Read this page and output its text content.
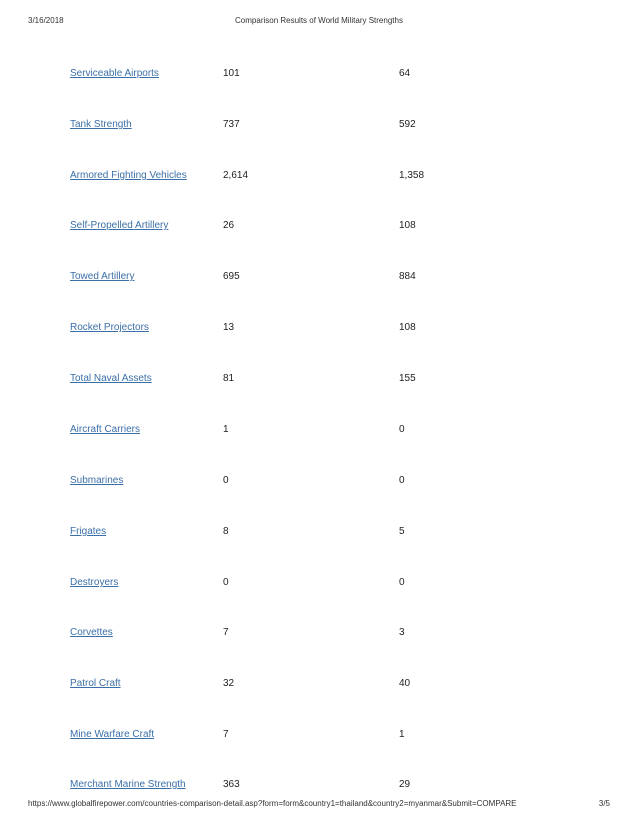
3/16/2018	Comparison Results of World Military Strengths
Serviceable Airports	101	64
Tank Strength	737	592
Armored Fighting Vehicles	2,614	1,358
Self-Propelled Artillery	26	108
Towed Artillery	695	884
Rocket Projectors	13	108
Total Naval Assets	81	155
Aircraft Carriers	1	0
Submarines	0	0
Frigates	8	5
Destroyers	0	0
Corvettes	7	3
Patrol Craft	32	40
Mine Warfare Craft	7	1
Merchant Marine Strength	363	29
https://www.globalfirepower.com/countries-comparison-detail.asp?form=form&country1=thailand&country2=myanmar&Submit=COMPARE	3/5
